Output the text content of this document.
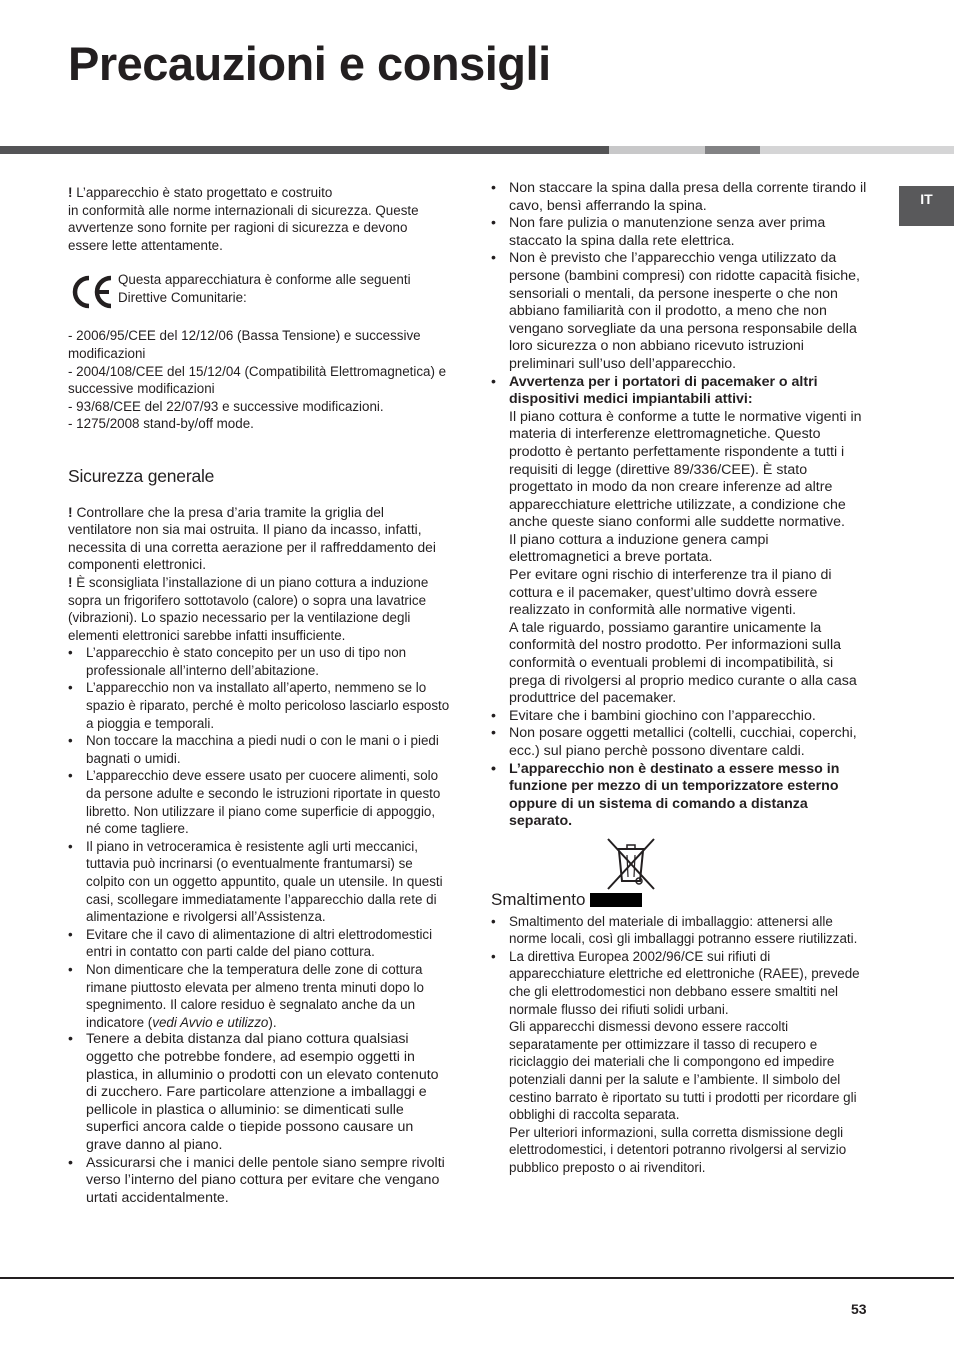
Precauzioni e consigli
IT

! L’apparecchio è stato progettato e costruito
in conformità alle norme internazionali di sicurezza. Queste avvertenze sono fornite per ragioni di sicurezza e devono essere lette attentamente.

Questa apparecchiatura è conforme alle seguenti Direttive Comunitarie:

- 2006/95/CEE del 12/12/06 (Bassa Tensione) e successive modificazioni

- 2004/108/CEE del 15/12/04 (Compatibilità Elettromagnetica) e successive modificazioni

- 93/68/CEE del 22/07/93 e successive modificazioni.

- 1275/2008 stand-by/off mode.

Sicurezza generale

! Controllare che la presa d’aria tramite la griglia del ventilatore non sia mai ostruita. Il piano da incasso, infatti, necessita di una corretta aerazione per il raffreddamento dei componenti elettronici.

! È sconsigliata l’installazione di un piano cottura a induzione sopra un frigorifero sottotavolo (calore) o sopra una lavatrice (vibrazioni). Lo spazio necessario per la ventilazione degli elementi elettronici sarebbe infatti insufficiente.

• L’apparecchio è stato concepito per un uso di tipo non professionale all’interno dell’abitazione.
• L’apparecchio non va installato all’aperto, nemmeno se lo spazio è riparato, perché è molto pericoloso lasciarlo esposto a pioggia e temporali.
• Non toccare la macchina a piedi nudi o con le mani o i piedi bagnati o umidi.
• L’apparecchio deve essere usato per cuocere alimenti, solo da persone adulte e secondo le istruzioni riportate in questo libretto. Non utilizzare il piano come superficie di appoggio, né come tagliere.
• Il piano in vetroceramica è resistente agli urti meccanici, tuttavia può incrinarsi (o eventualmente frantumarsi) se colpito con un oggetto appuntito, quale un utensile. In questi casi, scollegare immediatamente l’apparecchio dalla rete di alimentazione e rivolgersi all’Assistenza.
• Evitare che il cavo di alimentazione di altri elettrodomestici entri in contatto con parti calde del piano cottura.
• Non dimenticare che la temperatura delle zone di cottura rimane piuttosto elevata per almeno trenta minuti dopo lo spegnimento. Il calore residuo è segnalato anche da un indicatore (vedi Avvio e utilizzo).
• Tenere a debita distanza dal piano cottura qualsiasi oggetto che potrebbe fondere, ad esempio oggetti in plastica, in alluminio o prodotti con un elevato contenuto di zucchero. Fare particolare attenzione a imballaggi e pellicole in plastica o alluminio: se dimenticati sulle superfici ancora calde o tiepide possono causare un grave danno al piano.
• Assicurarsi che i manici delle pentole siano sempre rivolti verso l’interno del piano cottura per evitare che vengano urtati accidentalmente.
• Non staccare la spina dalla presa della corrente tirando il cavo, bensì afferrando la spina.
• Non fare pulizia o manutenzione senza aver prima staccato la spina dalla rete elettrica.
• Non è previsto che l’apparecchio venga utilizzato da persone (bambini compresi) con ridotte capacità fisiche, sensoriali o mentali, da persone inesperte o che non abbiano familiarità con il prodotto, a meno che non vengano sorvegliate da una persona responsabile della loro sicurezza o non abbiano ricevuto istruzioni preliminari sull’uso dell’apparecchio.
• Avvertenza per i portatori di pacemaker o altri dispositivi medici impiantabili attivi:
Il piano cottura è conforme a tutte le normative vigenti in materia di interferenze elettromagnetiche. Questo prodotto è pertanto perfettamente rispondente a tutti i requisiti di legge (direttive 89/336/CEE). È stato progettato in modo da non creare inferenze ad altre apparecchiature elettriche utilizzate, a condizione che anche queste siano conformi alle suddette normative.
Il piano cottura a induzione genera campi elettromagnetici a breve portata.
Per evitare ogni rischio di interferenze tra il piano di cottura e il pacemaker, quest’ultimo dovrà essere realizzato in conformità alle normative vigenti.
A tale riguardo, possiamo garantire unicamente la conformità del nostro prodotto. Per informazioni sulla conformità o eventuali problemi di incompatibilità, si prega di rivolgersi al proprio medico curante o alla casa produttrice del pacemaker.
• Evitare che i bambini giochino con l’apparecchio.
• Non posare oggetti metallici (coltelli, cucchiai, coperchi, ecc.) sul piano perchè possono diventare caldi.
• L’apparecchio non è destinato a essere messo in funzione per mezzo di un temporizzatore esterno oppure di un sistema di comando a distanza separato.
Smaltimento
• Smaltimento del materiale di imballaggio: attenersi alle norme locali, così gli imballaggi potranno essere riutilizzati.
• La direttiva Europea 2002/96/CE sui rifiuti di apparecchiature elettriche ed elettroniche (RAEE), prevede che gli elettrodomestici non debbano essere smaltiti nel normale flusso dei rifiuti solidi urbani.
Gli apparecchi dismessi devono essere raccolti separatamente per ottimizzare il tasso di recupero e riciclaggio dei materiali che li compongono ed impedire potenziali danni per la salute e l’ambiente. Il simbolo del cestino barrato è riportato su tutti i prodotti per ricordare gli obblighi di raccolta separata.
Per ulteriori informazioni, sulla corretta dismissione degli elettrodomestici, i detentori potranno rivolgersi al servizio pubblico preposto o ai rivenditori.
53
